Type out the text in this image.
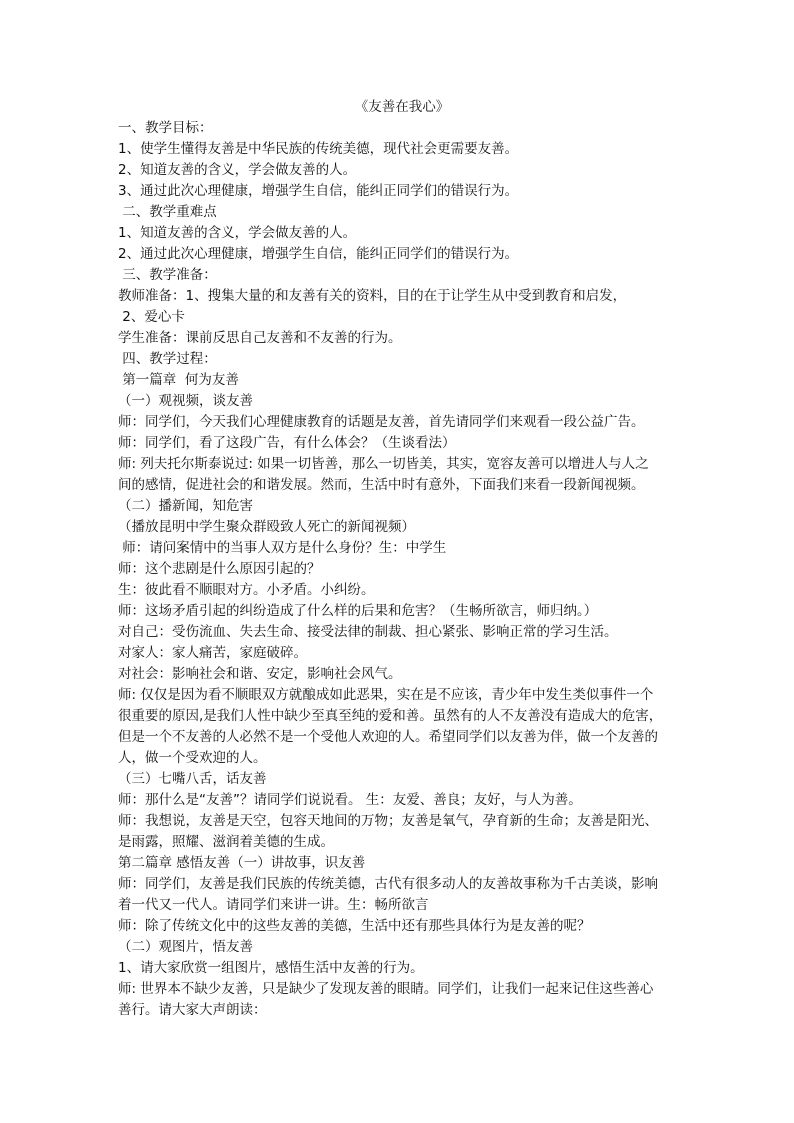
《友善在我心》

一、教学目标：

1、使学生懂得友善是中华民族的传统美德，现代社会更需要友善。

2、知道友善的含义，学会做友善的人。

3、通过此次心理健康，增强学生自信，能纠正同学们的错误行为。

二、教学重难点

1、知道友善的含义，学会做友善的人。

2、通过此次心理健康，增强学生自信，能纠正同学们的错误行为。

三、教学准备：

教师准备：1、搜集大量的和友善有关的资料，目的在于让学生从中受到教育和启发，

2、爱心卡

学生准备：课前反思自己友善和不友善的行为。

四、教学过程：

第一篇章  何为友善

（一）观视频，谈友善

师：同学们，今天我们心理健康教育的话题是友善，首先请同学们来观看一段公益广告。

师：同学们，看了这段广告，有什么体会？（生谈看法）

师: 列夫托尔斯泰说过: 如果一切皆善，那么一切皆美，其实，宽容友善可以增进人与人之

间的感情，促进社会的和谐发展。然而，生活中时有意外，下面我们来看一段新闻视频。

（二）播新闻，知危害

（播放昆明中学生聚众群殴致人死亡的新闻视频）

师：请问案情中的当事人双方是什么身份？生：中学生

师：这个悲剧是什么原因引起的？

生：彼此看不顺眼对方。小矛盾。小纠纷。

师：这场矛盾引起的纠纷造成了什么样的后果和危害？（生畅所欲言，师归纳。）

对自己：受伤流血、失去生命、接受法律的制裁、担心紧张、影响正常的学习生活。

对家人：家人痛苦，家庭破碎。

对社会：影响社会和谐、安定，影响社会风气。

师: 仅仅是因为看不顺眼双方就酿成如此恶果，实在是不应该，青少年中发生类似事件一个

很重要的原因,是我们人性中缺少至真至纯的爱和善。虽然有的人不友善没有造成大的危害，

但是一个不友善的人必然不是一个受他人欢迎的人。希望同学们以友善为伴，做一个友善的

人，做一个受欢迎的人。

（三）七嘴八舌，话友善

师：那什么是“友善”？请同学们说说看。 生：友爱、善良；友好，与人为善。

师：我想说，友善是天空，包容天地间的万物；友善是氧气，孕育新的生命；友善是阳光、

是雨露，照耀、滋润着美德的生成。

第二篇章 感悟友善（一）讲故事，识友善

师：同学们，友善是我们民族的传统美德，古代有很多动人的友善故事称为千古美谈，影响

着一代又一代人。请同学们来讲一讲。生：畅所欲言

师：除了传统文化中的这些友善的美德，生活中还有那些具体行为是友善的呢？

（二）观图片，悟友善

1、请大家欣赏一组图片，感悟生活中友善的行为。

师: 世界本不缺少友善，只是缺少了发现友善的眼睛。同学们，让我们一起来记住这些善心

善行。请大家大声朗读：
